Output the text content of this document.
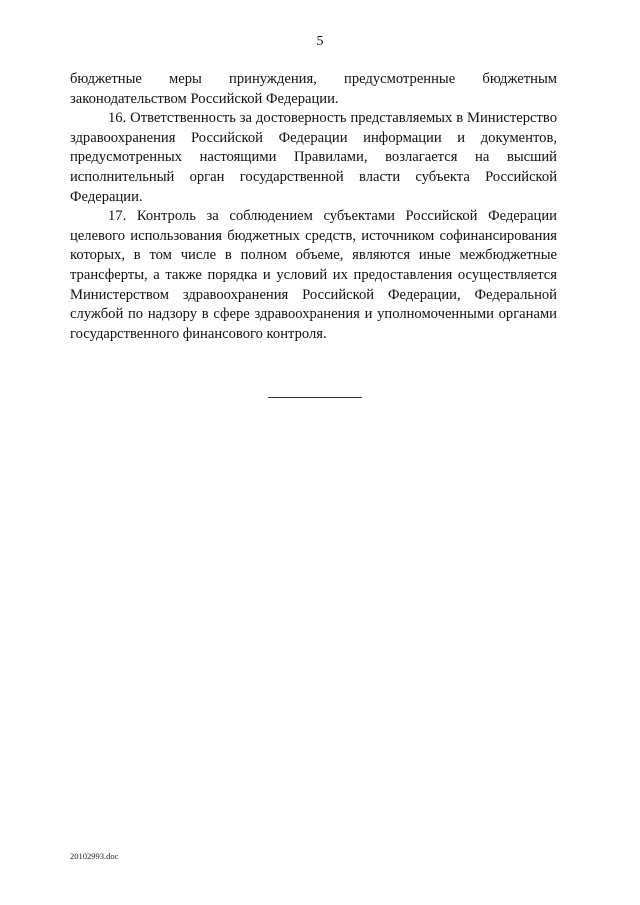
5

бюджетные меры принуждения, предусмотренные бюджетным законодательством Российской Федерации.

16. Ответственность за достоверность представляемых в Министерство здравоохранения Российской Федерации информации и документов, предусмотренных настоящими Правилами, возлагается на высший исполнительный орган государственной власти субъекта Российской Федерации.

17. Контроль за соблюдением субъектами Российской Федерации целевого использования бюджетных средств, источником софинансирования которых, в том числе в полном объеме, являются иные межбюджетные трансферты, а также порядка и условий их предоставления осуществляется Министерством здравоохранения Российской Федерации, Федеральной службой по надзору в сфере здравоохранения и уполномоченными органами государственного финансового контроля.

20102993.doc
